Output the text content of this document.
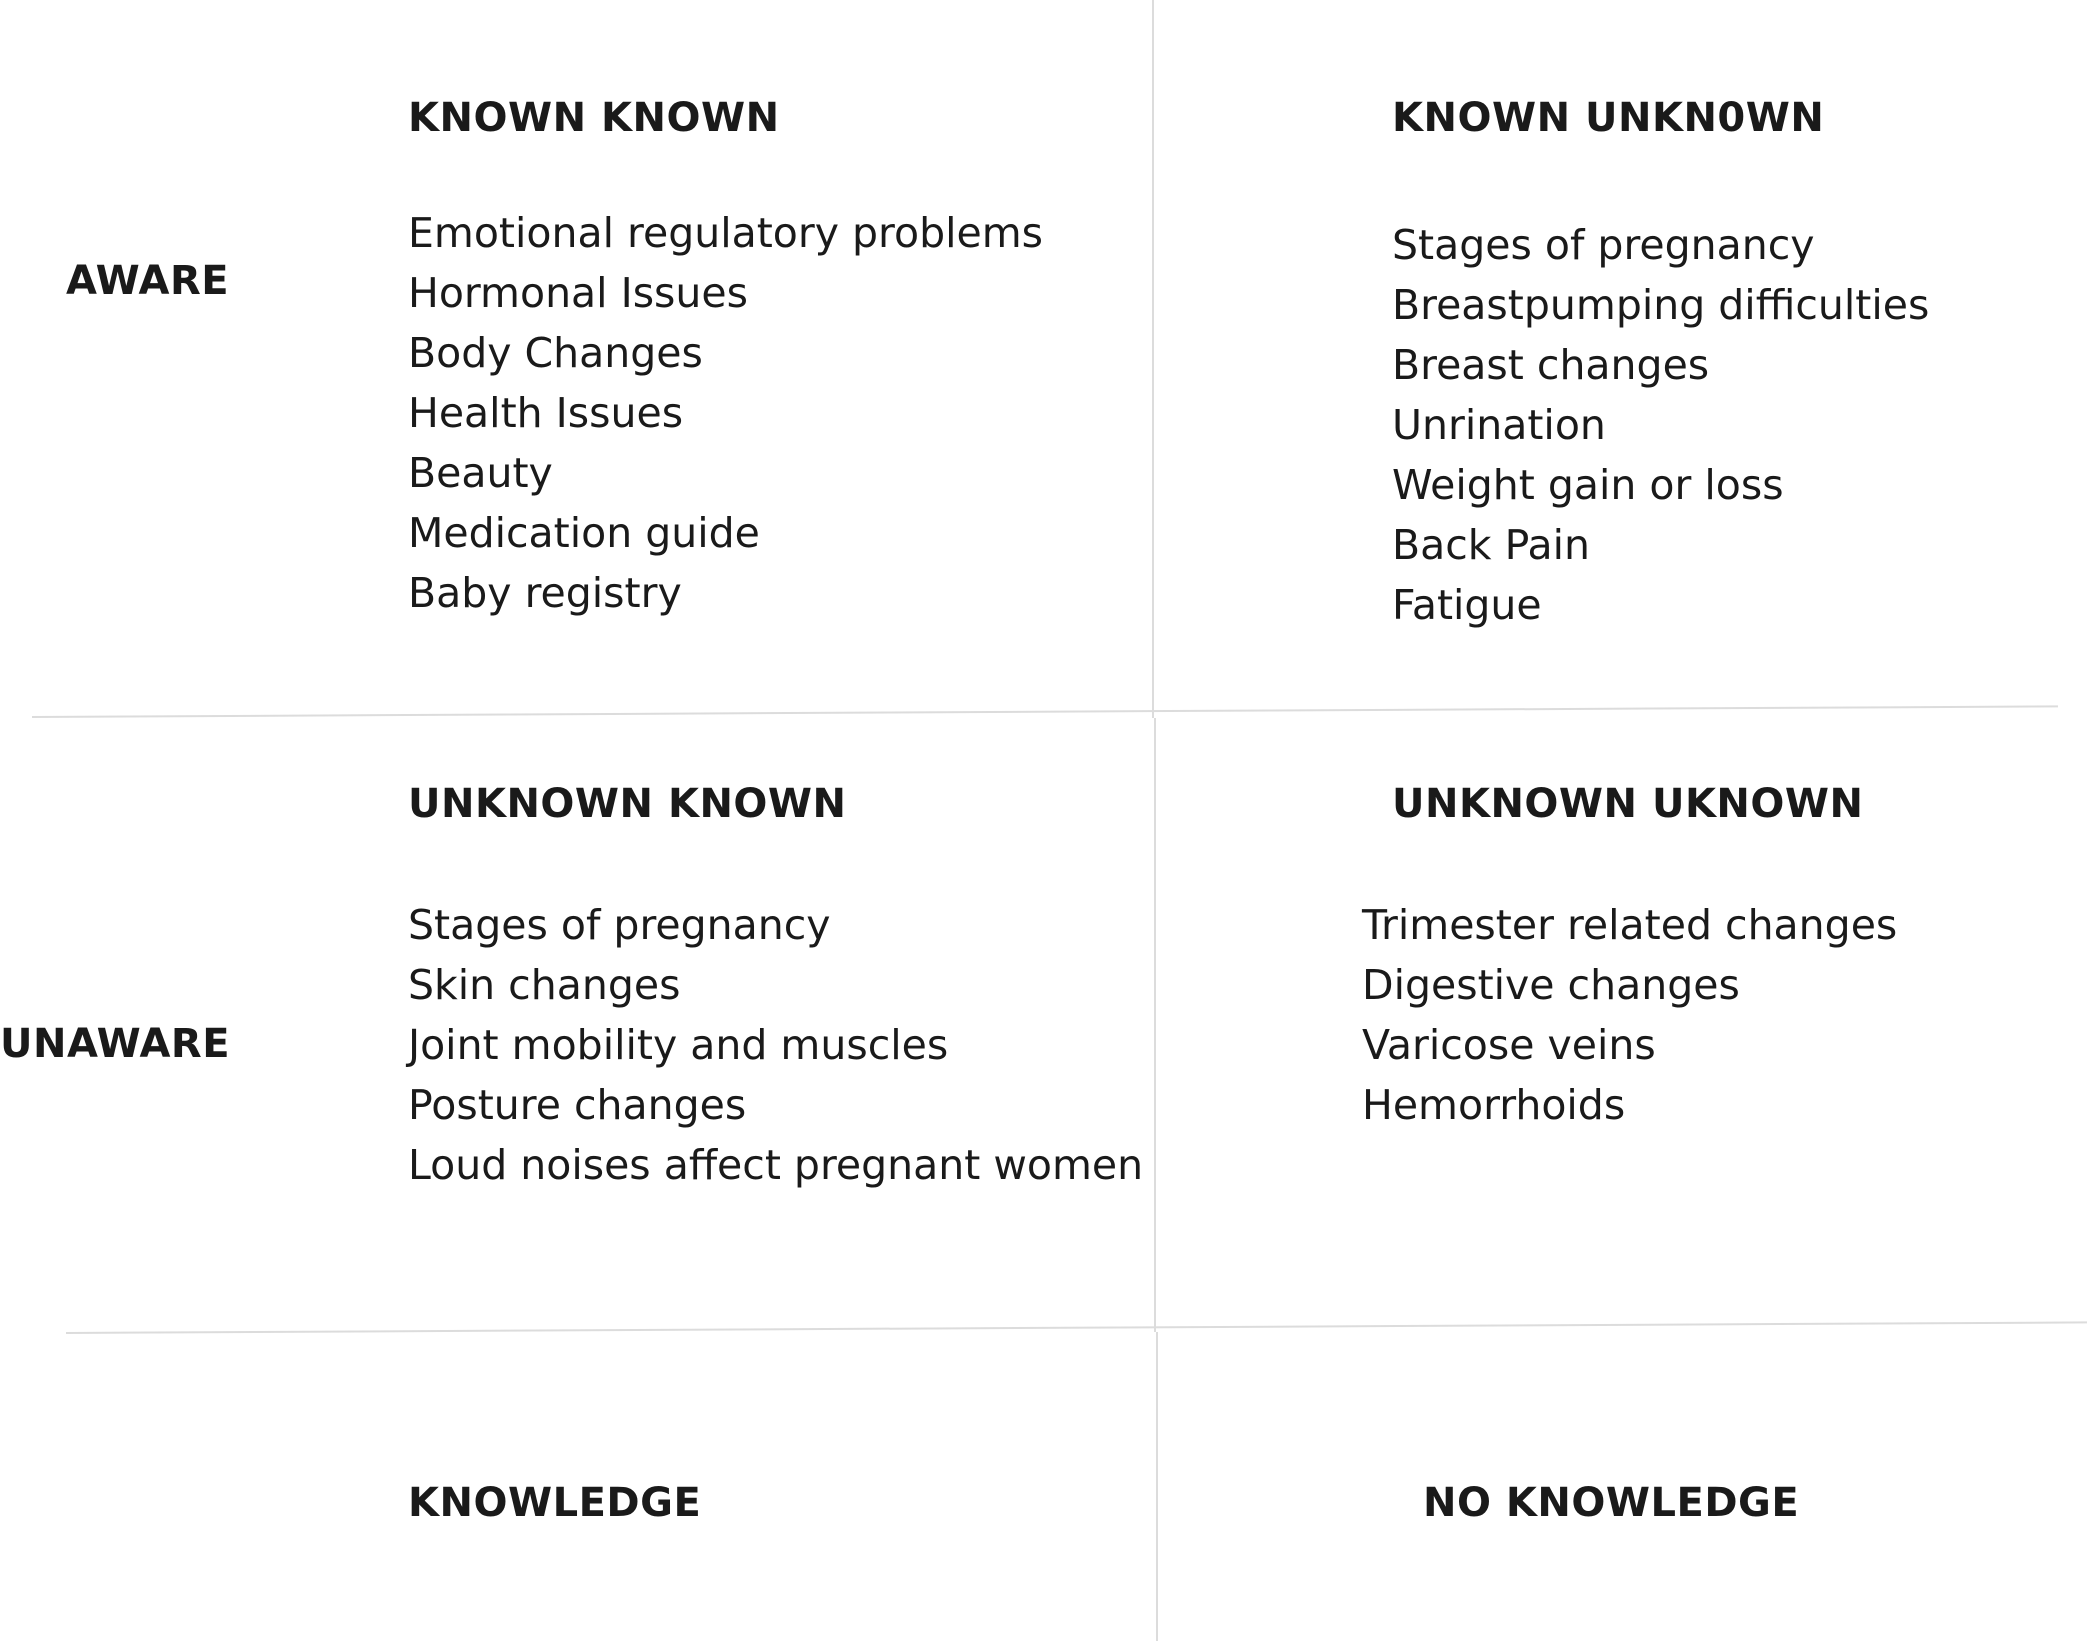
AWARE
UNAWARE
KNOWN KNOWN
Emotional regulatory problems
Hormonal Issues
Body Changes
Health Issues
Beauty
Medication guide
Baby registry
KNOWN UNKN0WN
Stages of pregnancy
Breastpumping difficulties
Breast changes
Unrination
Weight gain or loss
Back Pain
Fatigue
UNKNOWN KNOWN
Stages of pregnancy
Skin changes
Joint mobility and muscles
Posture changes
Loud noises affect pregnant women
UNKNOWN UKNOWN
Trimester related changes
Digestive changes
Varicose veins
Hemorrhoids
KNOWLEDGE	NO KNOWLEDGE
